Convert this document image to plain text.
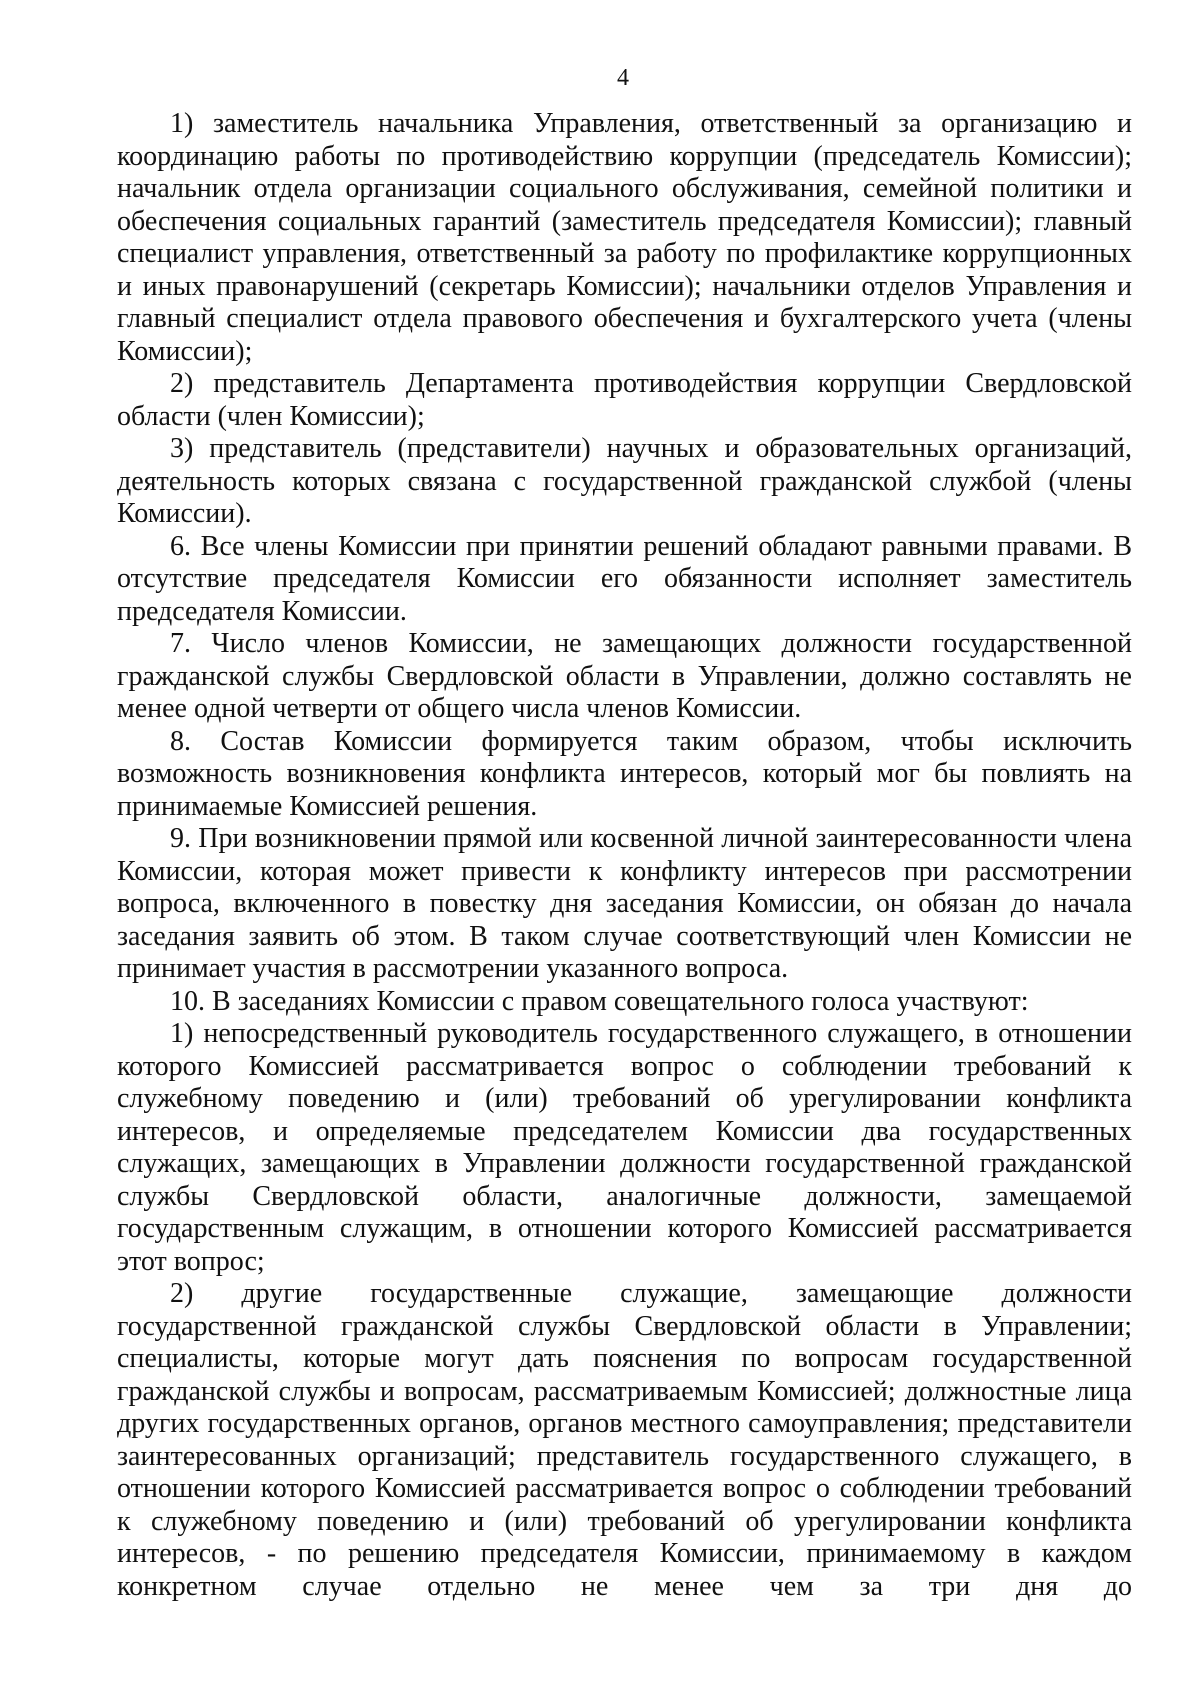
4

1) заместитель начальника Управления, ответственный за организацию и координацию работы по противодействию коррупции (председатель Комиссии); начальник отдела организации социального обслуживания, семейной политики и обеспечения социальных гарантий (заместитель председателя Комиссии); главный специалист управления, ответственный за работу по профилактике коррупционных и иных правонарушений (секретарь Комиссии); начальники отделов Управления и главный специалист отдела правового обеспечения и бухгалтерского учета (члены Комиссии);

2) представитель Департамента противодействия коррупции Свердловской области (член Комиссии);

3) представитель (представители) научных и образовательных организаций, деятельность которых связана с государственной гражданской службой (члены Комиссии).

6. Все члены Комиссии при принятии решений обладают равными правами. В отсутствие председателя Комиссии его обязанности исполняет заместитель председателя Комиссии.

7. Число членов Комиссии, не замещающих должности государственной гражданской службы Свердловской области в Управлении, должно составлять не менее одной четверти от общего числа членов Комиссии.

8. Состав Комиссии формируется таким образом, чтобы исключить возможность возникновения конфликта интересов, который мог бы повлиять на принимаемые Комиссией решения.

9. При возникновении прямой или косвенной личной заинтересованности члена Комиссии, которая может привести к конфликту интересов при рассмотрении вопроса, включенного в повестку дня заседания Комиссии, он обязан до начала заседания заявить об этом. В таком случае соответствующий член Комиссии не принимает участия в рассмотрении указанного вопроса.

10. В заседаниях Комиссии с правом совещательного голоса участвуют:

1) непосредственный руководитель государственного служащего, в отношении которого Комиссией рассматривается вопрос о соблюдении требований к служебному поведению и (или) требований об урегулировании конфликта интересов, и определяемые председателем Комиссии два государственных служащих, замещающих в Управлении должности государственной гражданской службы Свердловской области, аналогичные должности, замещаемой государственным служащим, в отношении которого Комиссией рассматривается этот вопрос;

2) другие государственные служащие, замещающие должности государственной гражданской службы Свердловской области в Управлении; специалисты, которые могут дать пояснения по вопросам государственной гражданской службы и вопросам, рассматриваемым Комиссией; должностные лица других государственных органов, органов местного самоуправления; представители заинтересованных организаций; представитель государственного служащего, в отношении которого Комиссией рассматривается вопрос о соблюдении требований к служебному поведению и (или) требований об урегулировании конфликта интересов, - по решению председателя Комиссии, принимаемому в каждом конкретном случае отдельно не менее чем за три дня до
